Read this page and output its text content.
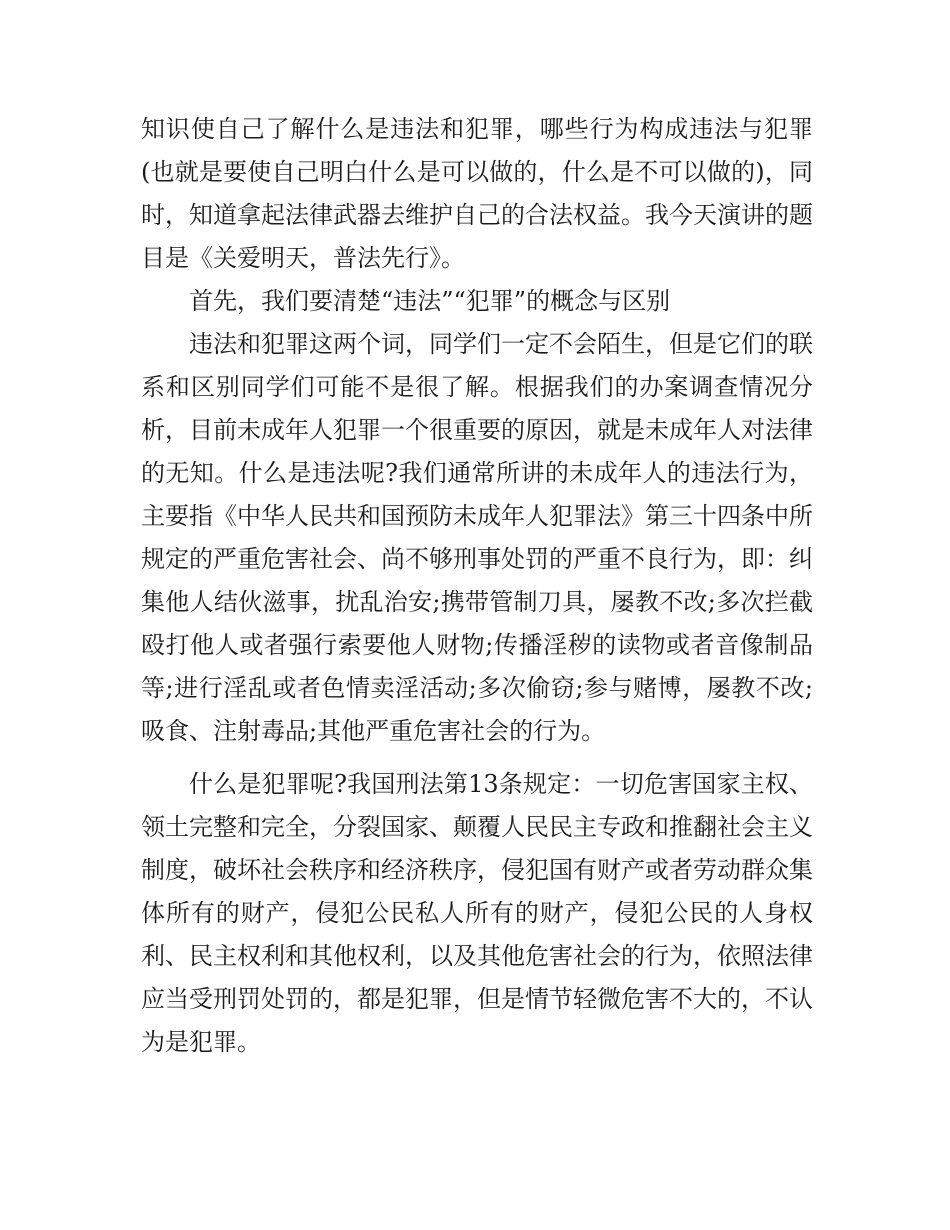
知识使自己了解什么是违法和犯罪，哪些行为构成违法与犯罪(也就是要使自己明白什么是可以做的，什么是不可以做的)，同时，知道拿起法律武器去维护自己的合法权益。我今天演讲的题目是《关爱明天，普法先行》。

首先，我们要清楚“违法”“犯罪”的概念与区别

违法和犯罪这两个词，同学们一定不会陌生，但是它们的联系和区别同学们可能不是很了解。根据我们的办案调查情况分析，目前未成年人犯罪一个很重要的原因，就是未成年人对法律的无知。什么是违法呢?我们通常所讲的未成年人的违法行为，主要指《中华人民共和国预防未成年人犯罪法》第三十四条中所规定的严重危害社会、尚不够刑事处罚的严重不良行为，即：纠集他人结伙滋事，扰乱治安;携带管制刀具，屡教不改;多次拦截殴打他人或者强行索要他人财物;传播淫秽的读物或者音像制品等;进行淫乱或者色情卖淫活动;多次偷窃;参与赌博，屡教不改;吸食、注射毒品;其他严重危害社会的行为。

什么是犯罪呢?我国刑法第13条规定：一切危害国家主权、领土完整和完全，分裂国家、颠覆人民民主专政和推翻社会主义制度，破坏社会秩序和经济秩序，侵犯国有财产或者劳动群众集体所有的财产，侵犯公民私人所有的财产，侵犯公民的人身权利、民主权利和其他权利，以及其他危害社会的行为，依照法律应当受刑罚处罚的，都是犯罪，但是情节轻微危害不大的，不认为是犯罪。
